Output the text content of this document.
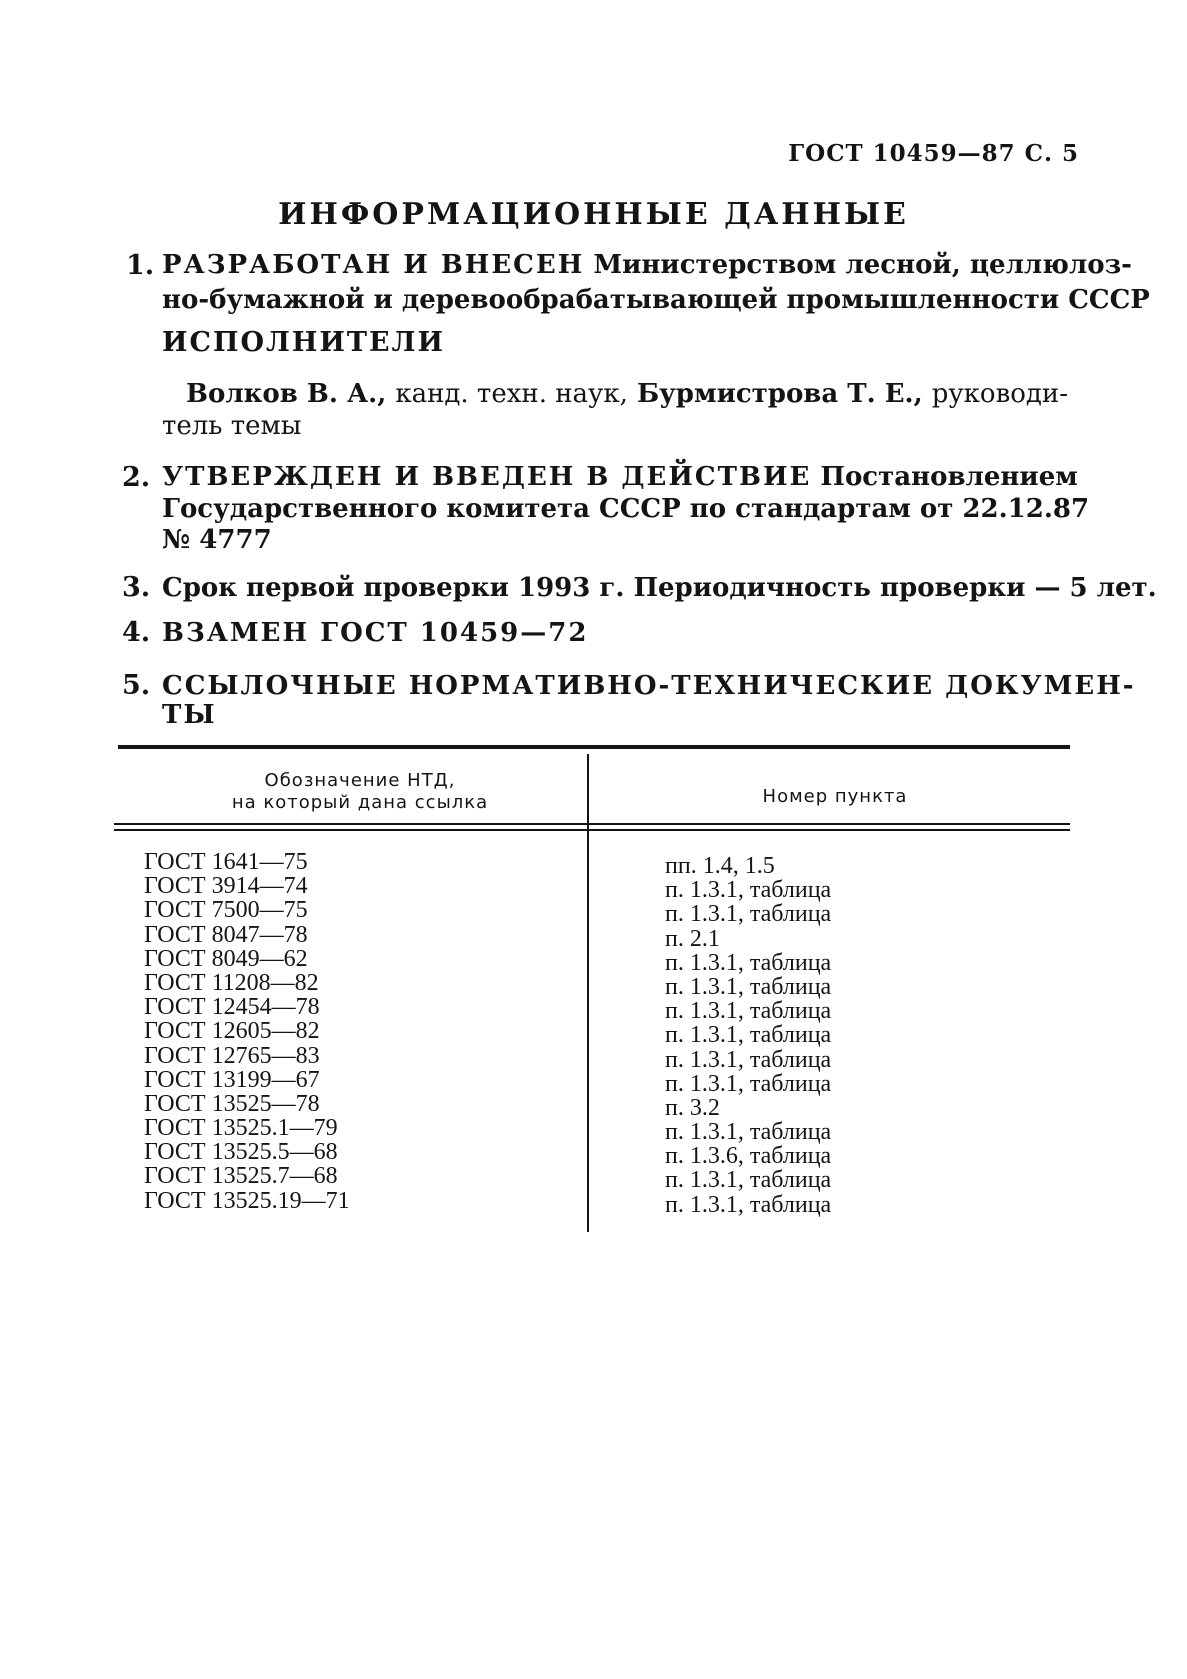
ГОСТ 10459—87 С. 5
ИНФОРМАЦИОННЫЕ ДАННЫЕ
1. РАЗРАБОТАН И ВНЕСЕН Министерством лесной, целлюлоз-
но-бумажной и деревообрабатывающей промышленности СССР
ИСПОЛНИТЕЛИ
Волков В. А., канд. техн. наук, Бурмистрова Т. Е., руководи-
тель темы
2. УТВЕРЖДЕН И ВВЕДЕН В ДЕЙСТВИЕ Постановлением
Государственного комитета СССР по стандартам от 22.12.87
№ 4777
3. Срок первой проверки 1993 г. Периодичность проверки — 5 лет.
4. ВЗАМЕН ГОСТ 10459—72
5. ССЫЛОЧНЫЕ НОРМАТИВНО-ТЕХНИЧЕСКИЕ ДОКУМЕН-
ТЫ
Обозначение НТД,
на который дана ссылка	Номер пункта
ГОСТ 1641—75
ГОСТ 3914—74
ГОСТ 7500—75
ГОСТ 8047—78
ГОСТ 8049—62
ГОСТ 11208—82
ГОСТ 12454—78
ГОСТ 12605—82
ГОСТ 12765—83
ГОСТ 13199—67
ГОСТ 13525—78
ГОСТ 13525.1—79
ГОСТ 13525.5—68
ГОСТ 13525.7—68
ГОСТ 13525.19—71
пп. 1.4, 1.5
п. 1.3.1, таблица
п. 1.3.1, таблица
п. 2.1
п. 1.3.1, таблица
п. 1.3.1, таблица
п. 1.3.1, таблица
п. 1.3.1, таблица
п. 1.3.1, таблица
п. 1.3.1, таблица
п. 3.2
п. 1.3.1, таблица
п. 1.3.6, таблица
п. 1.3.1, таблица
п. 1.3.1, таблица
